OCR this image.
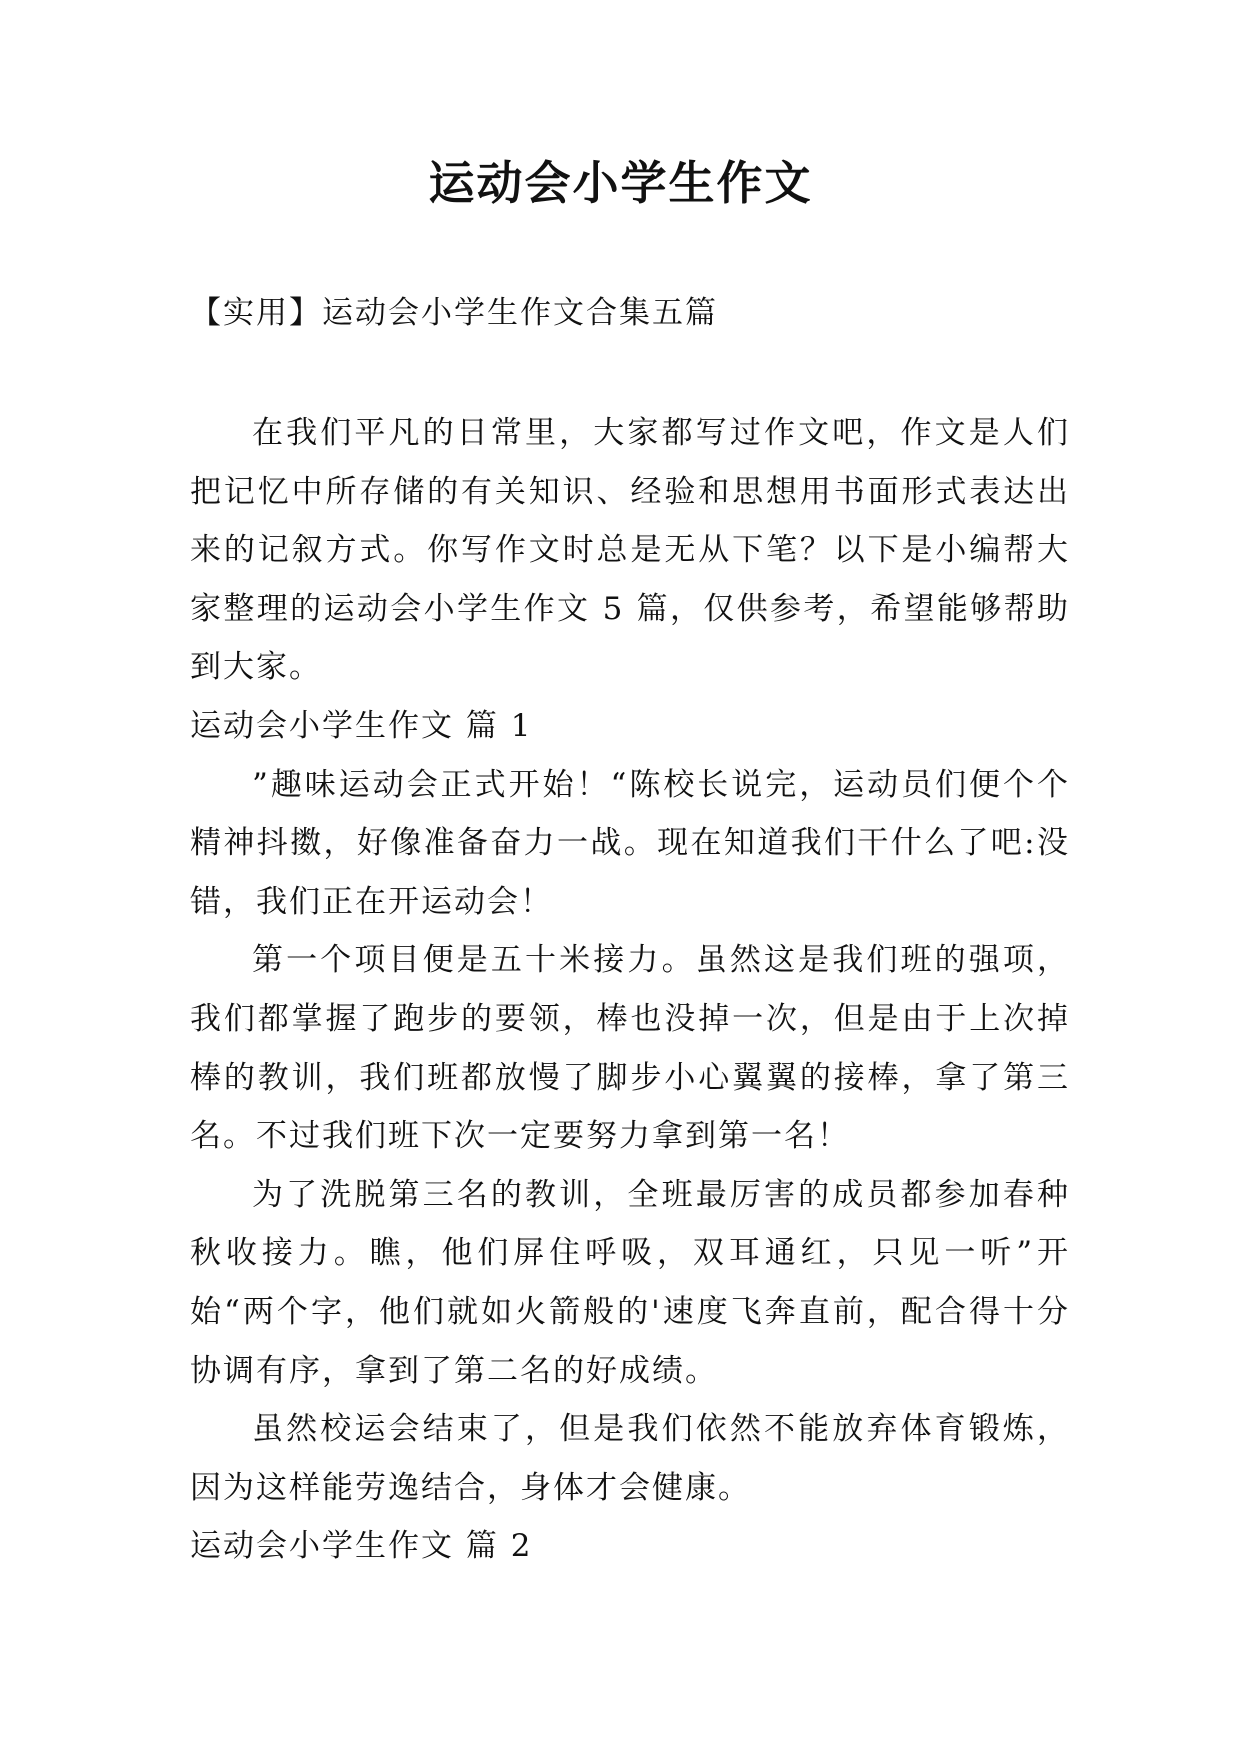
运动会小学生作文
【实用】运动会小学生作文合集五篇

在我们平凡的日常里，大家都写过作文吧，作文是人们把记忆中所存储的有关知识、经验和思想用书面形式表达出来的记叙方式。你写作文时总是无从下笔？以下是小编帮大家整理的运动会小学生作文 5 篇，仅供参考，希望能够帮助到大家。

运动会小学生作文 篇 1

”趣味运动会正式开始！“陈校长说完，运动员们便个个精神抖擞，好像准备奋力一战。现在知道我们干什么了吧:没错，我们正在开运动会！

第一个项目便是五十米接力。虽然这是我们班的强项，我们都掌握了跑步的要领，棒也没掉一次，但是由于上次掉棒的教训，我们班都放慢了脚步小心翼翼的接棒，拿了第三名。不过我们班下次一定要努力拿到第一名！

为了洗脱第三名的教训，全班最厉害的成员都参加春种秋收接力。瞧，他们屏住呼吸，双耳通红，只见一听”开始“两个字，他们就如火箭般的'速度飞奔直前，配合得十分协调有序，拿到了第二名的好成绩。

虽然校运会结束了，但是我们依然不能放弃体育锻炼，因为这样能劳逸结合，身体才会健康。

运动会小学生作文 篇 2
